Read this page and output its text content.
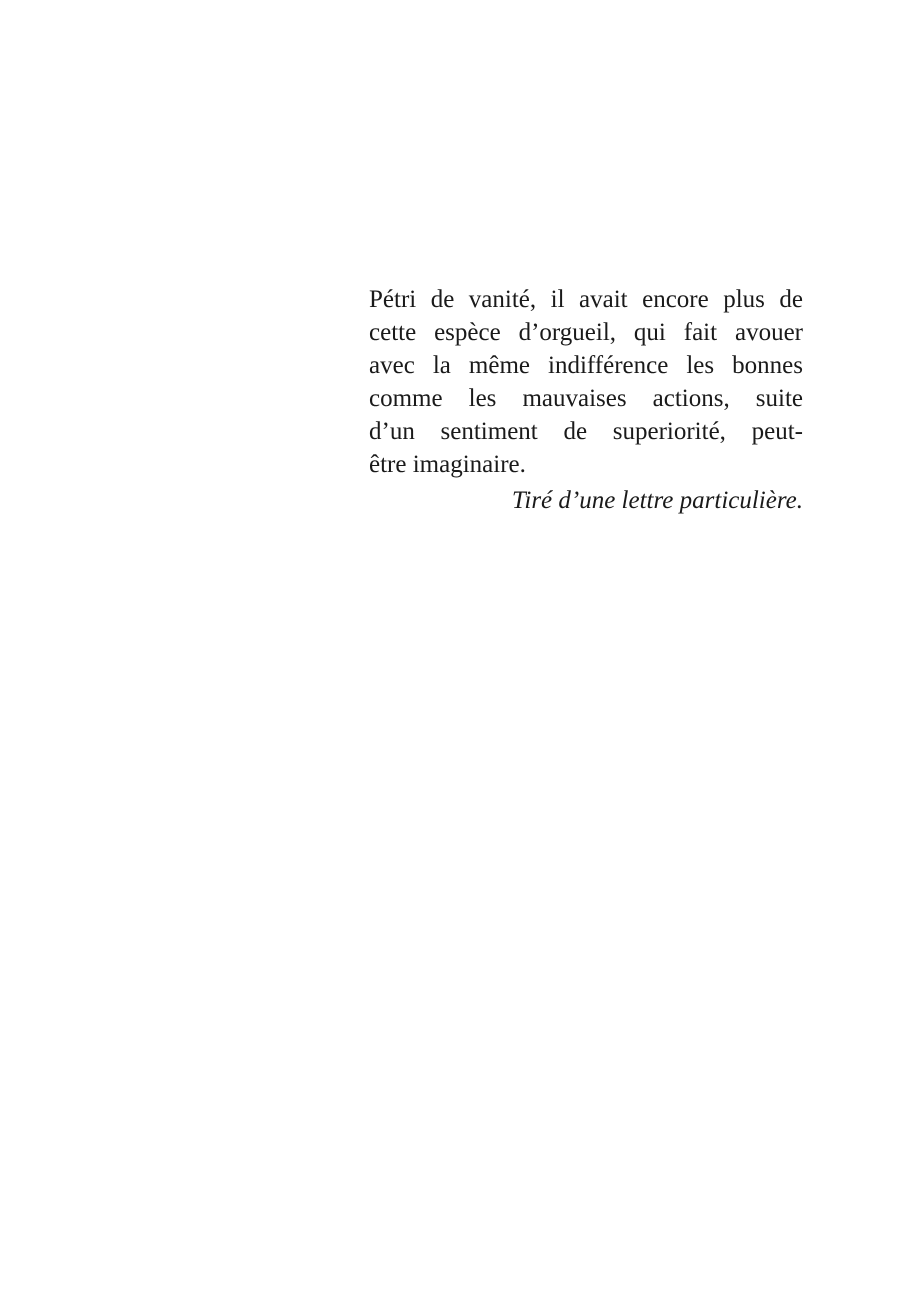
Pétri de vanité, il avait encore plus de
cette espèce d’orgueil, qui fait avouer
avec la même indifférence les bonnes
comme les mauvaises actions, suite
d’un sentiment de superiorité, peut-
être imaginaire.
Tiré d’une lettre particulière.
